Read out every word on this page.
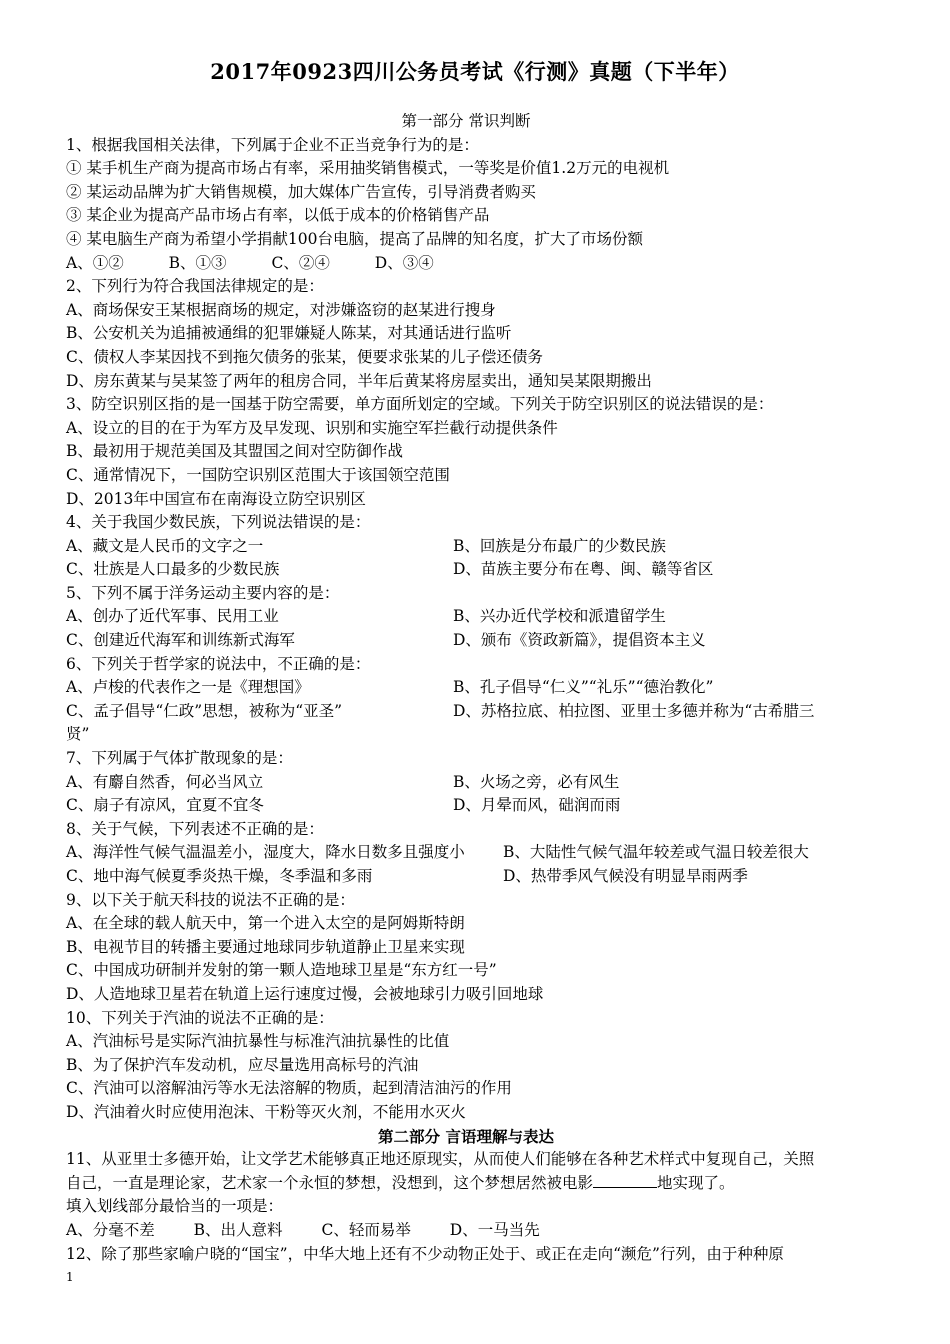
2017年0923四川公务员考试《行测》真题（下半年）
第一部分 常识判断
1、根据我国相关法律，下列属于企业不正当竞争行为的是：
① 某手机生产商为提高市场占有率，采用抽奖销售模式，一等奖是价值1.2万元的电视机
② 某运动品牌为扩大销售规模，加大媒体广告宣传，引导消费者购买
③ 某企业为提高产品市场占有率，以低于成本的价格销售产品
④ 某电脑生产商为希望小学捐献100台电脑，提高了品牌的知名度，扩大了市场份额
A、①②	B、①③	C、②④	D、③④
2、下列行为符合我国法律规定的是：
A、商场保安王某根据商场的规定，对涉嫌盗窃的赵某进行搜身
B、公安机关为追捕被通缉的犯罪嫌疑人陈某，对其通话进行监听
C、债权人李某因找不到拖欠债务的张某，便要求张某的儿子偿还债务
D、房东黄某与吴某签了两年的租房合同，半年后黄某将房屋卖出，通知吴某限期搬出
3、防空识别区指的是一国基于防空需要，单方面所划定的空域。下列关于防空识别区的说法错误的是：
A、设立的目的在于为军方及早发现、识别和实施空军拦截行动提供条件
B、最初用于规范美国及其盟国之间对空防御作战
C、通常情况下，一国防空识别区范围大于该国领空范围
D、2013年中国宣布在南海设立防空识别区
4、关于我国少数民族，下列说法错误的是：
A、藏文是人民币的文字之一	B、回族是分布最广的少数民族
C、壮族是人口最多的少数民族	D、苗族主要分布在粤、闽、赣等省区
5、下列不属于洋务运动主要内容的是：
A、创办了近代军事、民用工业	B、兴办近代学校和派遣留学生
C、创建近代海军和训练新式海军	D、颁布《资政新篇》，提倡资本主义
6、下列关于哲学家的说法中，不正确的是：
A、卢梭的代表作之一是《理想国》	B、孔子倡导“仁义”“礼乐”“德治教化”
C、孟子倡导“仁政”思想，被称为“亚圣”	D、苏格拉底、柏拉图、亚里士多德并称为“古希腊三
贤”
7、下列属于气体扩散现象的是：
A、有麝自然香，何必当风立	B、火场之旁，必有风生
C、扇子有凉风，宜夏不宜冬	D、月晕而风，础润而雨
8、关于气候，下列表述不正确的是：
A、海洋性气候气温温差小，湿度大，降水日数多且强度小	B、大陆性气候气温年较差或气温日较差很大
C、地中海气候夏季炎热干燥，冬季温和多雨	D、热带季风气候没有明显旱雨两季
9、以下关于航天科技的说法不正确的是：
A、在全球的载人航天中，第一个进入太空的是阿姆斯特朗
B、电视节目的转播主要通过地球同步轨道静止卫星来实现
C、中国成功研制并发射的第一颗人造地球卫星是“东方红一号”
D、人造地球卫星若在轨道上运行速度过慢，会被地球引力吸引回地球
10、下列关于汽油的说法不正确的是：
A、汽油标号是实际汽油抗暴性与标准汽油抗暴性的比值
B、为了保护汽车发动机，应尽量选用高标号的汽油
C、汽油可以溶解油污等水无法溶解的物质，起到清洁油污的作用
D、汽油着火时应使用泡沫、干粉等灭火剂，不能用水灭火
第二部分 言语理解与表达
11、从亚里士多德开始，让文学艺术能够真正地还原现实，从而使人们能够在各种艺术样式中复现自己，关照
自己，一直是理论家，艺术家一个永恒的梦想，没想到，这个梦想居然被电影	地实现了。
填入划线部分最恰当的一项是：
A、分毫不差	B、出人意料	C、轻而易举	D、一马当先
12、除了那些家喻户晓的“国宝”，中华大地上还有不少动物正处于、或正在走向“濒危”行列，由于种种原
1
